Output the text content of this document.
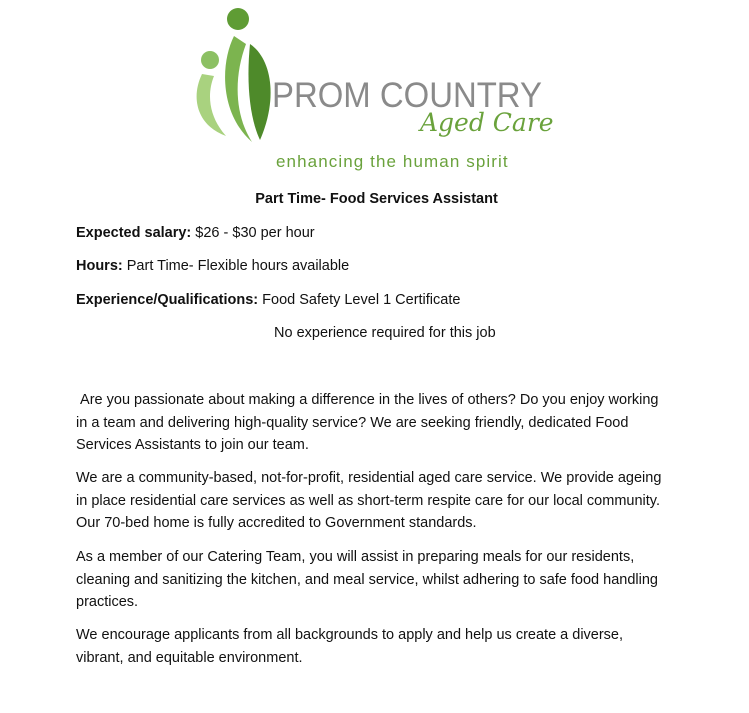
PROM COUNTRY
Aged Care
enhancing the human spirit
Part Time- Food Services Assistant
Expected salary: $26 - $30 per hour
Hours: Part Time- Flexible hours available
Experience/Qualifications: Food Safety Level 1 Certificate
No experience required for this job

Are you passionate about making a difference in the lives of others? Do you enjoy working in a team and delivering high-quality service? We are seeking friendly, dedicated Food Services Assistants to join our team.

We are a community-based, not-for-profit, residential aged care service. We provide ageing in place residential care services as well as short-term respite care for our local community. Our 70-bed home is fully accredited to Government standards.

As a member of our Catering Team, you will assist in preparing meals for our residents, cleaning and sanitizing the kitchen, and meal service, whilst adhering to safe food handling practices.

We encourage applicants from all backgrounds to apply and help us create a diverse, vibrant, and equitable environment.
